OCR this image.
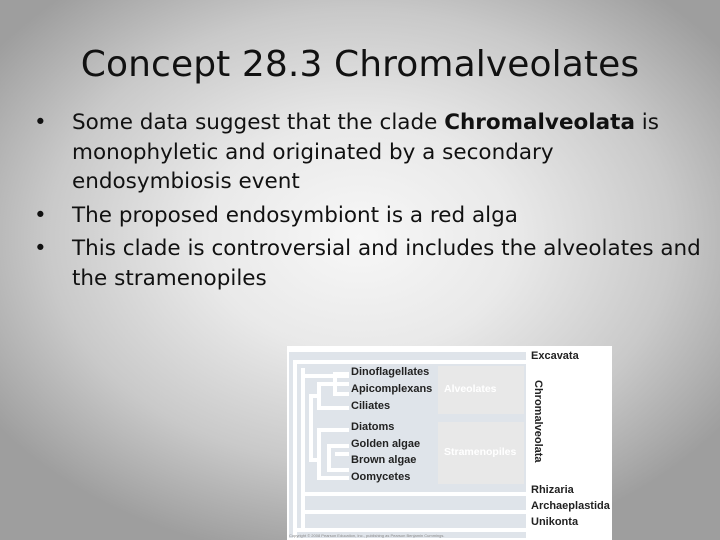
Concept 28.3 Chromalveolates
• Some data suggest that the clade Chromalveolata is monophyletic and originated by a secondary endosymbiosis event
• The proposed endosymbiont is a red alga
• This clade is controversial and includes the alveolates and the stramenopiles
Dinoflagellates
Apicomplexans
Ciliates
Diatoms
Golden algae
Brown algae
Oomycetes
Alveolates
Stramenopiles
Excavata
Chromalveolata
Rhizaria
Archaeplastida
Unikonta
Copyright © 2008 Pearson Education, Inc., publishing as Pearson Benjamin Cummings.
